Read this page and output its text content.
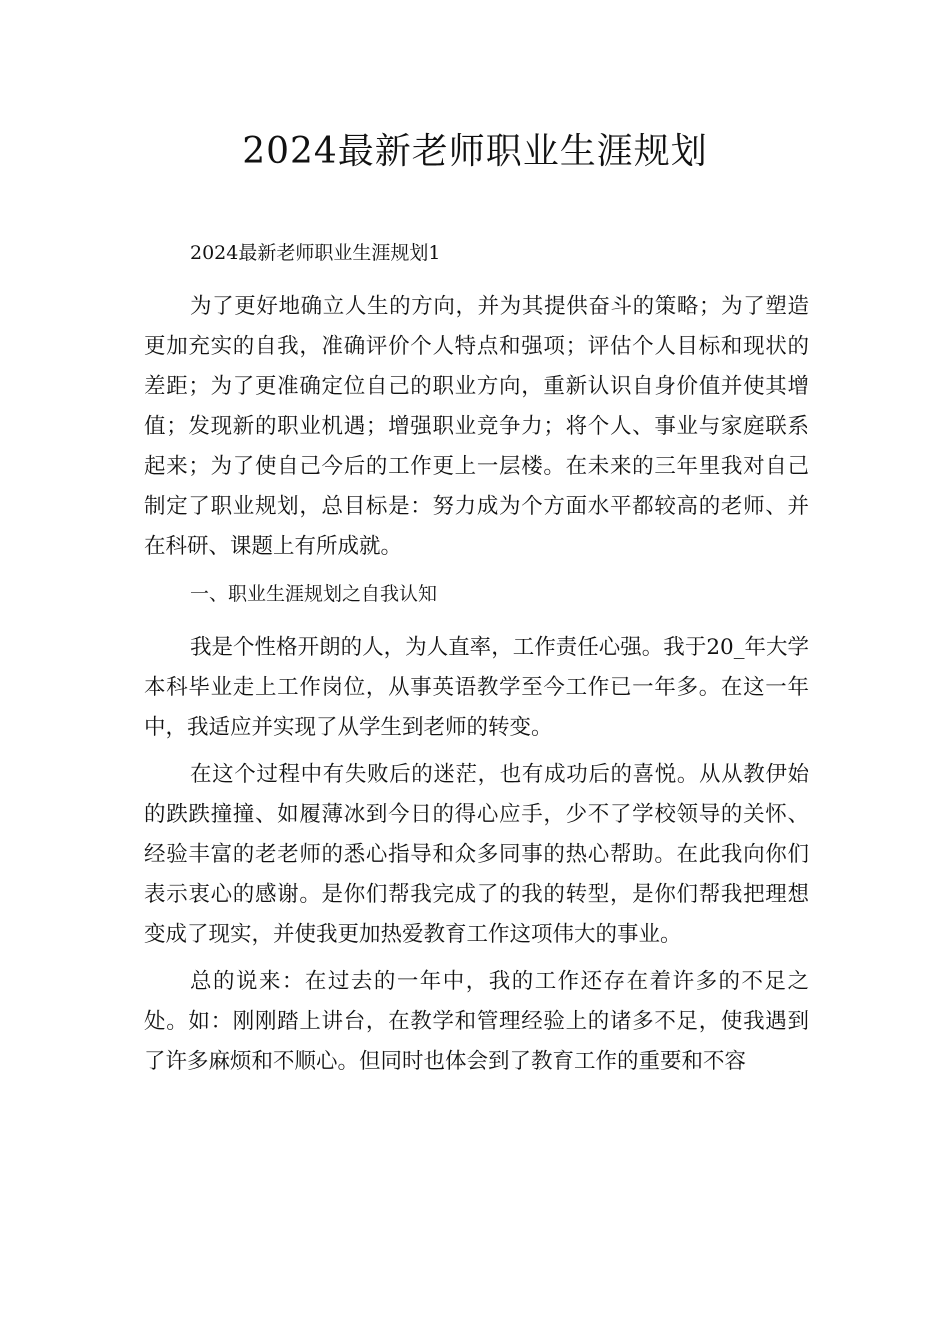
2024最新老师职业生涯规划

2024最新老师职业生涯规划1

为了更好地确立人生的方向，并为其提供奋斗的策略；为了塑造更加充实的自我，准确评价个人特点和强项；评估个人目标和现状的差距；为了更准确定位自己的职业方向，重新认识自身价值并使其增值；发现新的职业机遇；增强职业竞争力；将个人、事业与家庭联系起来；为了使自己今后的工作更上一层楼。在未来的三年里我对自己制定了职业规划，总目标是：努力成为个方面水平都较高的老师、并在科研、课题上有所成就。

一、职业生涯规划之自我认知

我是个性格开朗的人，为人直率，工作责任心强。我于20_年大学本科毕业走上工作岗位，从事英语教学至今工作已一年多。在这一年中，我适应并实现了从学生到老师的转变。

在这个过程中有失败后的迷茫，也有成功后的喜悦。从从教伊始的跌跌撞撞、如履薄冰到今日的得心应手，少不了学校领导的关怀、经验丰富的老老师的悉心指导和众多同事的热心帮助。在此我向你们表示衷心的感谢。是你们帮我完成了的我的转型，是你们帮我把理想变成了现实，并使我更加热爱教育工作这项伟大的事业。

总的说来：在过去的一年中，我的工作还存在着许多的不足之处。如：刚刚踏上讲台，在教学和管理经验上的诸多不足，使我遇到了许多麻烦和不顺心。但同时也体会到了教育工作的重要和不容
